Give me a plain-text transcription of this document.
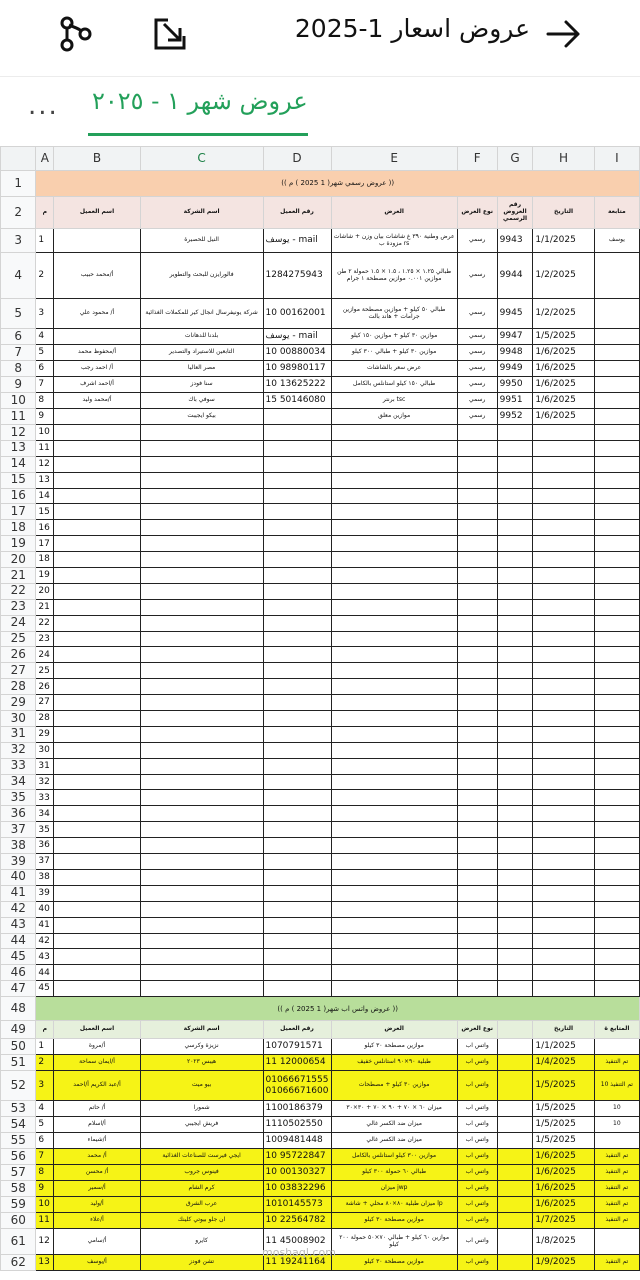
عروض اسعار 1-2025
... عروض شهر ١ - ٢٠٢٥
	A	B	C	D	E	F	G	H	I
1	(( عروض رسمي شهر( 1 2025 ) م ))								
2	م	اسم العميل	اسم الشركة	رقم العميل	العرض	نوع العرض	رقم العروض الرسمي	التاريخ	متابعة
3	1		النيل للحصيرة	يوسف - mail	عرض وطنية ٣٩٠ غ شاشات بيان وزن + شاشات مزودة ب rs	رسمي	9943	1/1/2025	يوسف
4	2	أ/محمد حبيب	فالورايزن للبحث والتطوير	1284275943	طبالي ١.٢٥ × ١.٢٥ ، ١.٥ × ١.٥ حمولة ٢ طن موازين ٠.٠٠١ موازين مصطحة ١ جرام	رسمي	9944	1/2/2025	
5	3	أ/ محمود علي	شركة يونيفرسال انجال كير للمكملات الغذائية	10 00162001	طبالي ٥٠ كيلو + موازين مصطحة موازين جرامات + هاند بالت	رسمي	9945	1/2/2025	
6	4		بلدنا للدهانات	يوسف - mail	موازين ٣٠ كيلو + موازين ١٥٠ كيلو	رسمي	9947	1/5/2025	
7	5	أ/محفوظ محمد	التابعين للاستيراد والتصدير	10 00880034	موازين ٣٠ كيلو + طبالي ٣٠٠ كيلو	رسمي	9948	1/6/2025	
8	6	أ/ احمد رجب	مصر العاليا	10 98980117	عرض سعر بالشاشات	رسمي	9949	1/6/2025	
9	7	أ/احمد اشرف	سنا فودز	10 13625222	طبالي ١٥٠ كيلو استانلس بالكامل	رسمي	9950	1/6/2025	
10	8	أ/محمد وليد	سوفي باك	15 50146080	برنتر tsc	رسمي	9951	1/6/2025	
11	9		بيكو ايجيبت		موازين معلق	رسمي	9952	1/6/2025	
12	10								
13	11								
14	12								
15	13								
16	14								
17	15								
18	16								
19	17								
20	18								
21	19								
22	20								
23	21								
24	22								
25	23								
26	24								
27	25								
28	26								
29	27								
30	28								
31	29								
32	30								
33	31								
34	32								
35	33								
36	34								
37	35								
38	36								
39	37								
40	38								
41	39								
42	40								
43	41								
44	42								
45	43								
46	44								
47	45								
48	(( عروض واتس اب شهر( 1 2025 ) م ))								
49	م	اسم العميل	اسم الشركة	رقم العميل	العرض	نوع العرض		التاريخ	المتابع ة
50	1	أ/مروة	نزيزة وكرسي	1070791571	موازين مصطحة ٣٠ كيلو	واتس اب		1/1/2025	
51	2	أ/ايمان سماحة	هيبس ٢٠٢٣	11 12000654	طبلية ٩٠×٩٠ استانلس خفيف	واتس اب		1/4/2025	تم التنفيذ
52	3	أ/عبد الكريم أ/احمد	بيو ميت	01066671555 01066671600	موازين ٣٠ كيلو + مصطحات	واتس اب		1/5/2025	10 تم التنفيذ
53	4	أ/ حاتم	شمورا	1100186379	ميزان ٦٠ × ٧٠ + ٩٠ × ٧٠ + ٣٠×٣٠	واتس اب		1/5/2025	10
54	5	أ/اسلام	فريش ايجيبي	1110502550	ميزان ضد الكسر غالي	واتس اب		1/5/2025	10
55	6	أ/شيماء		1009481448	ميزان ضد الكسر غالي	واتس اب		1/5/2025	
56	7	أ/ محمد	ايجي فيرست للصناعات الغذائية	10 95722847	موازين ٣٠٠ كيلو استانلس بالكامل	واتس اب		1/6/2025	تم التنفيذ
57	8	أ/ محسن	فينوس جروب	10 00130327	طبالي ٦٠ حمولة ٣٠٠ كيلو	واتس اب		1/6/2025	تم التنفيذ
58	9	أ/سمير	كرم الشام	10 03832296	ميزان jwp	واتس اب		1/6/2025	تم التنفيذ
59	10	أ/وليد	عرب الشرق	1010145573	ميزان طبلية ٨٠×٨٠ محلي + شاشة lp	واتس اب		1/6/2025	تم التنفيذ
60	11	أ/علاء	ان جلو بيوتي كلينك	10 22564782	موازين مصطحة ٣٠ كيلو	واتس اب		1/7/2025	تم التنفيذ
61	12	أ/سامي	كايرو	11 45008902	موازين ٦٠ كيلو + طبالي ٧٠×٥٠ حمولة ٢٠٠ كيلو	واتس اب		1/8/2025	
62	13	أ/يوسف	تشن فودز	11 19241164	موازين مصطحة ٣٠ كيلو	واتس اب		1/9/2025	تم التنفيذ
moshaql.com
